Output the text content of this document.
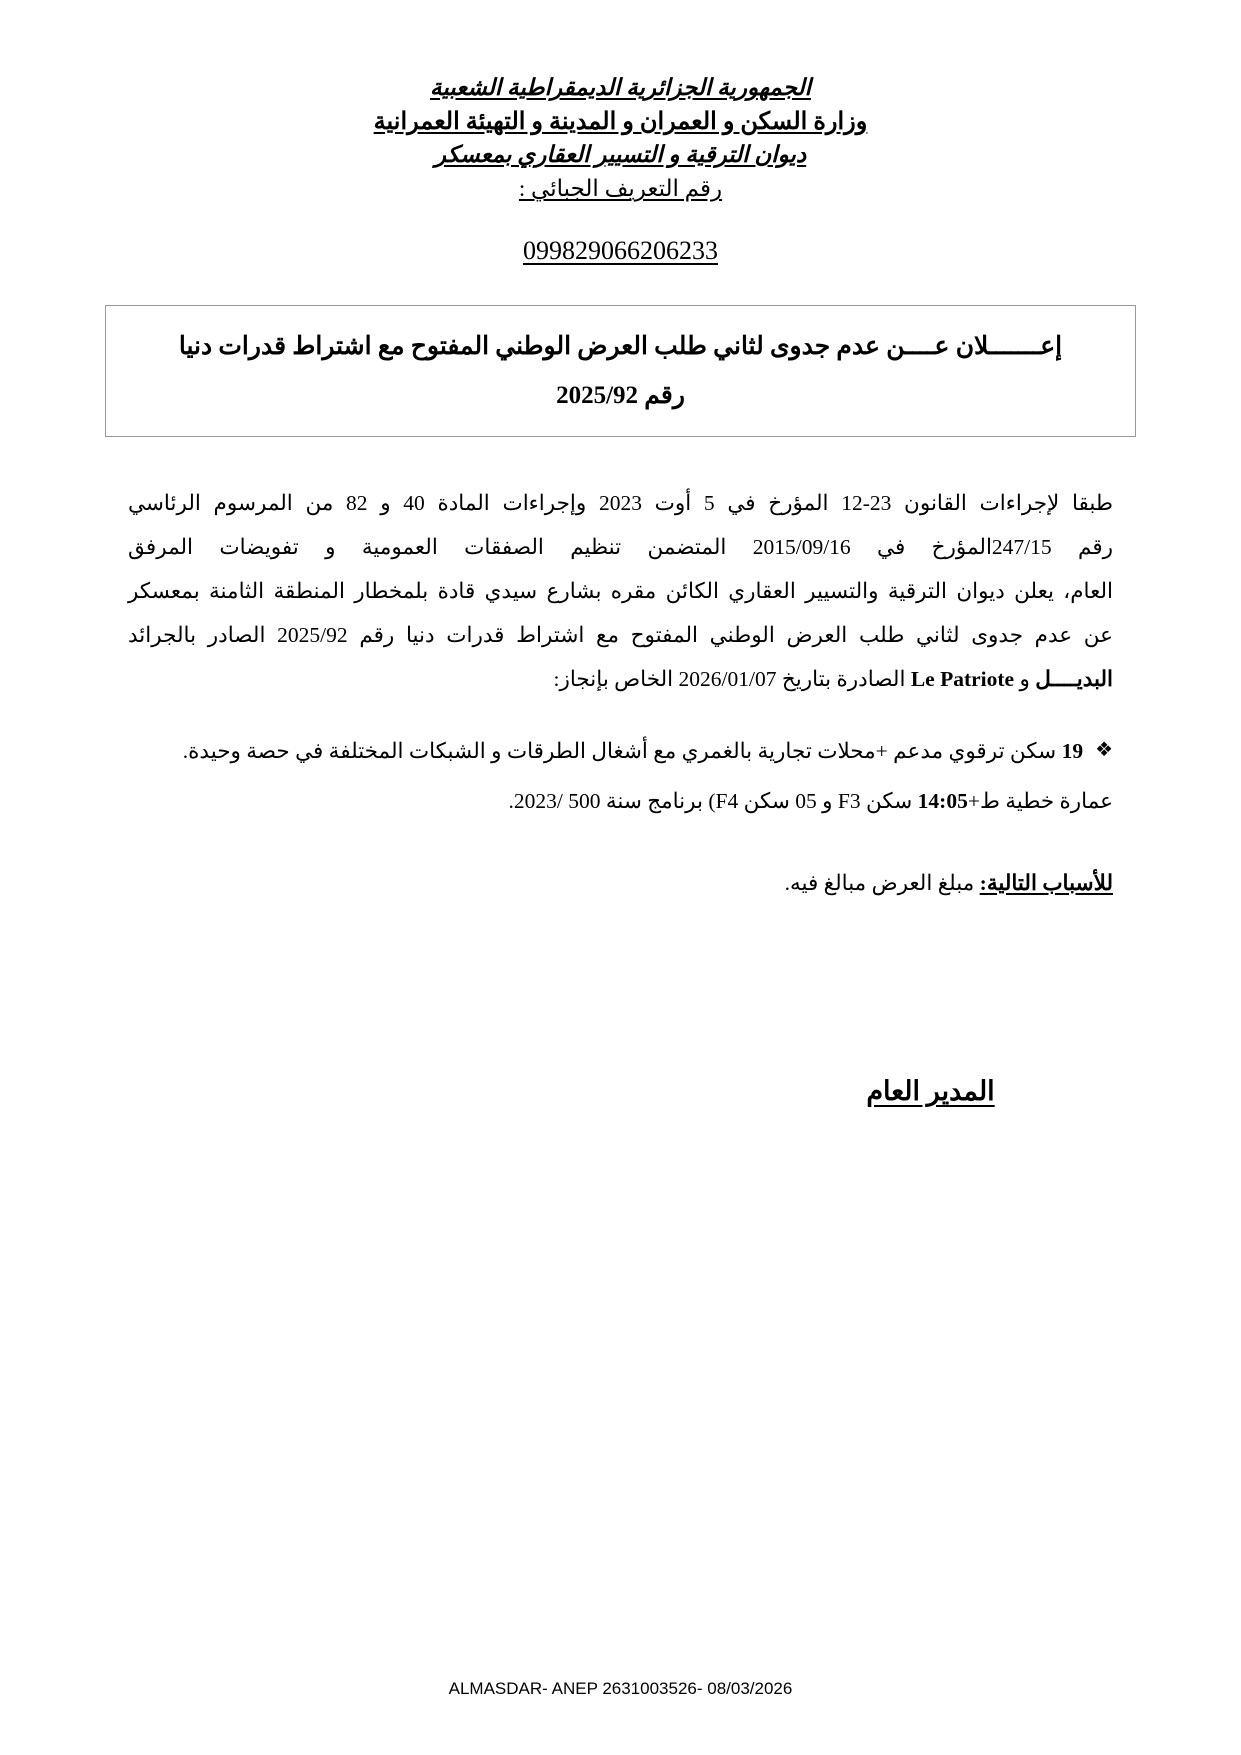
الجمهورية الجزائرية الديمقراطية الشعبية
وزارة السكن و العمران و المدينة و التهيئة العمرانية
ديوان الترقية و التسيير العقاري بمعسكر
رقم التعريف الجبائي :
099829066206233
إعـــــــلان عــــن عدم جدوى لثاني طلب العرض الوطني المفتوح مع اشتراط قدرات دنيا
رقم 2025/92

طبقا لإجراءات القانون 23-12 المؤرخ في 5 أوت 2023 وإجراءات المادة 40 و 82 من المرسوم الرئاسي

رقم 247/15المؤرخ في 2015/09/16 المتضمن تنظيم الصفقات العمومية و تفويضات المرفق

العام، يعلن ديوان الترقية والتسيير العقاري الكائن مقره بشارع سيدي قادة بلمخطار المنطقة الثامنة بمعسكر

عن عدم جدوى لثاني طلب العرض الوطني المفتوح مع اشتراط قدرات دنيا رقم 2025/92 الصادر بالجرائد

البديــــل و Le Patriote الصادرة بتاريخ 2026/01/07 الخاص بإنجاز:

❖
19 سكن ترقوي مدعم +محلات تجارية بالغمري مع أشغال الطرقات و الشبكات المختلفة في حصة وحيدة.
عمارة خطية ط+14:05 سكن F3 و 05 سكن F4) برنامج سنة 500 /2023.
للأسباب التالية: مبلغ العرض مبالغ فيه.
المدير العام
ALMASDAR- ANEP 2631003526- 08/03/2026
